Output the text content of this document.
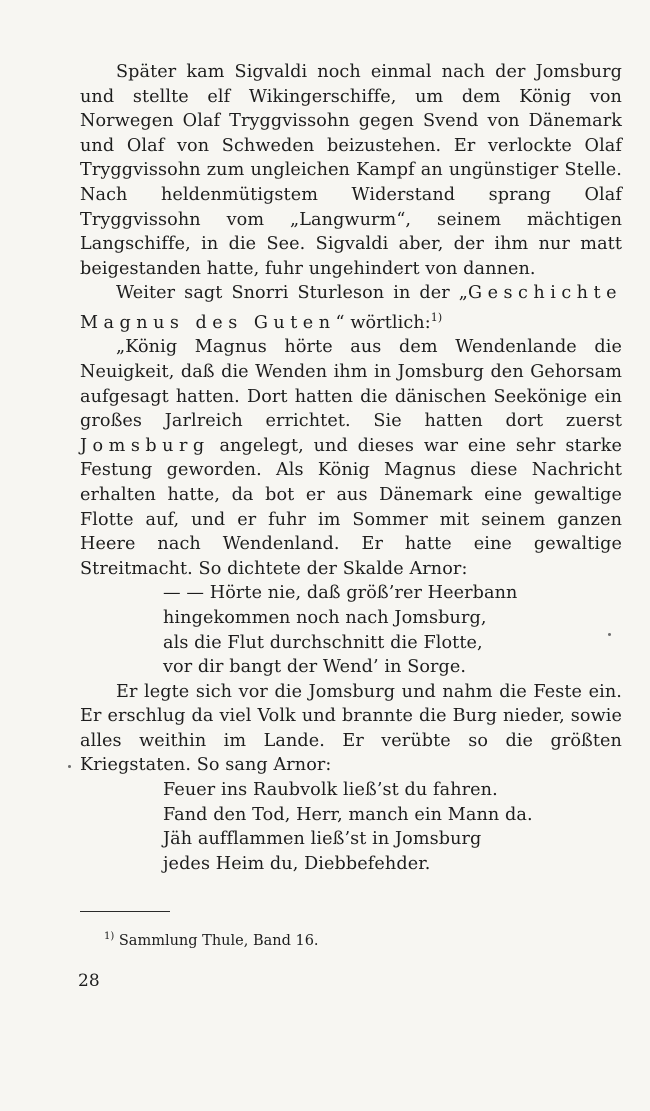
Später kam Sigvaldi noch einmal nach der Jomsburg und stellte elf Wikingerschiffe, um dem König von Norwegen Olaf Tryggvissohn gegen Svend von Dänemark und Olaf von Schweden beizustehen. Er verlockte Olaf Tryggvissohn zum ungleichen Kampf an ungünstiger Stelle. Nach heldenmütigstem Widerstand sprang Olaf Tryggvissohn vom „Langwurm“, seinem mächtigen Langschiffe, in die See. Sigvaldi aber, der ihm nur matt beigestanden hatte, fuhr ungehindert von dannen.

Weiter sagt Snorri Sturleson in der „Geschichte Magnus des Guten“ wörtlich:$^{1)}$

„König Magnus hörte aus dem Wendenlande die Neuigkeit, daß die Wenden ihm in Jomsburg den Gehorsam aufgesagt hatten. Dort hatten die dänischen Seekönige ein großes Jarlreich errichtet. Sie hatten dort zuerst Jomsburg angelegt, und dieses war eine sehr starke Festung geworden. Als König Magnus diese Nachricht erhalten hatte, da bot er aus Dänemark eine gewaltige Flotte auf, und er fuhr im Sommer mit seinem ganzen Heere nach Wendenland. Er hatte eine gewaltige Streitmacht. So dichtete der Skalde Arnor:

— — Hörte nie, daß größ’rer Heerbann
hingekommen noch nach Jomsburg,
als die Flut durchschnitt die Flotte,
vor dir bangt der Wend’ in Sorge.

Er legte sich vor die Jomsburg und nahm die Feste ein. Er erschlug da viel Volk und brannte die Burg nieder, sowie alles weithin im Lande. Er verübte so die größten Kriegstaten. So sang Arnor:

Feuer ins Raubvolk ließ’st du fahren.
Fand den Tod, Herr, manch ein Mann da.
Jäh aufflammen ließ’st in Jomsburg
jedes Heim du, Diebbefehder.
$^{1)}$ Sammlung Thule, Band 16.
28
